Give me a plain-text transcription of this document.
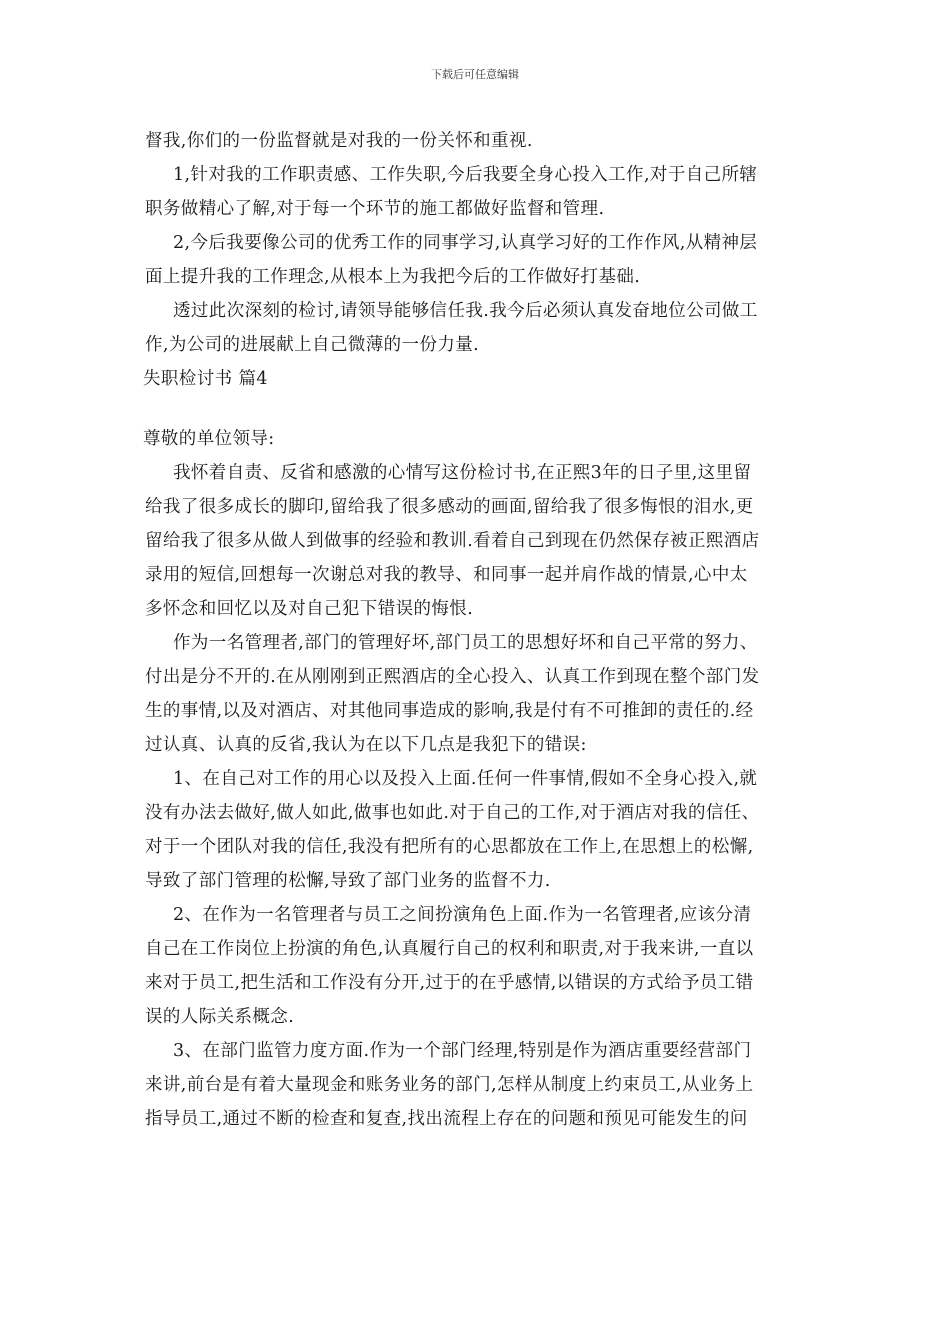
下载后可任意编辑
督我,你们的一份监督就是对我的一份关怀和重视.
1,针对我的工作职责感、工作失职,今后我要全身心投入工作,对于自己所辖
职务做精心了解,对于每一个环节的施工都做好监督和管理.
2,今后我要像公司的优秀工作的同事学习,认真学习好的工作作风,从精神层
面上提升我的工作理念,从根本上为我把今后的工作做好打基础.
透过此次深刻的检讨,请领导能够信任我.我今后必须认真发奋地位公司做工
作,为公司的进展献上自己微薄的一份力量.
失职检讨书 篇4
尊敬的单位领导:
我怀着自责、反省和感激的心情写这份检讨书,在正熙3年的日子里,这里留
给我了很多成长的脚印,留给我了很多感动的画面,留给我了很多悔恨的泪水,更
留给我了很多从做人到做事的经验和教训.看着自己到现在仍然保存被正熙酒店
录用的短信,回想每一次谢总对我的教导、和同事一起并肩作战的情景,心中太
多怀念和回忆以及对自己犯下错误的悔恨.
作为一名管理者,部门的管理好坏,部门员工的思想好坏和自己平常的努力、
付出是分不开的.在从刚刚到正熙酒店的全心投入、认真工作到现在整个部门发
生的事情,以及对酒店、对其他同事造成的影响,我是付有不可推卸的责任的.经
过认真、认真的反省,我认为在以下几点是我犯下的错误:
1、在自己对工作的用心以及投入上面.任何一件事情,假如不全身心投入,就
没有办法去做好,做人如此,做事也如此.对于自己的工作,对于酒店对我的信任、
对于一个团队对我的信任,我没有把所有的心思都放在工作上,在思想上的松懈,
导致了部门管理的松懈,导致了部门业务的监督不力.
2、在作为一名管理者与员工之间扮演角色上面.作为一名管理者,应该分清
自己在工作岗位上扮演的角色,认真履行自己的权利和职责,对于我来讲,一直以
来对于员工,把生活和工作没有分开,过于的在乎感情,以错误的方式给予员工错
误的人际关系概念.
3、在部门监管力度方面.作为一个部门经理,特别是作为酒店重要经营部门
来讲,前台是有着大量现金和账务业务的部门,怎样从制度上约束员工,从业务上
指导员工,通过不断的检查和复查,找出流程上存在的问题和预见可能发生的问
